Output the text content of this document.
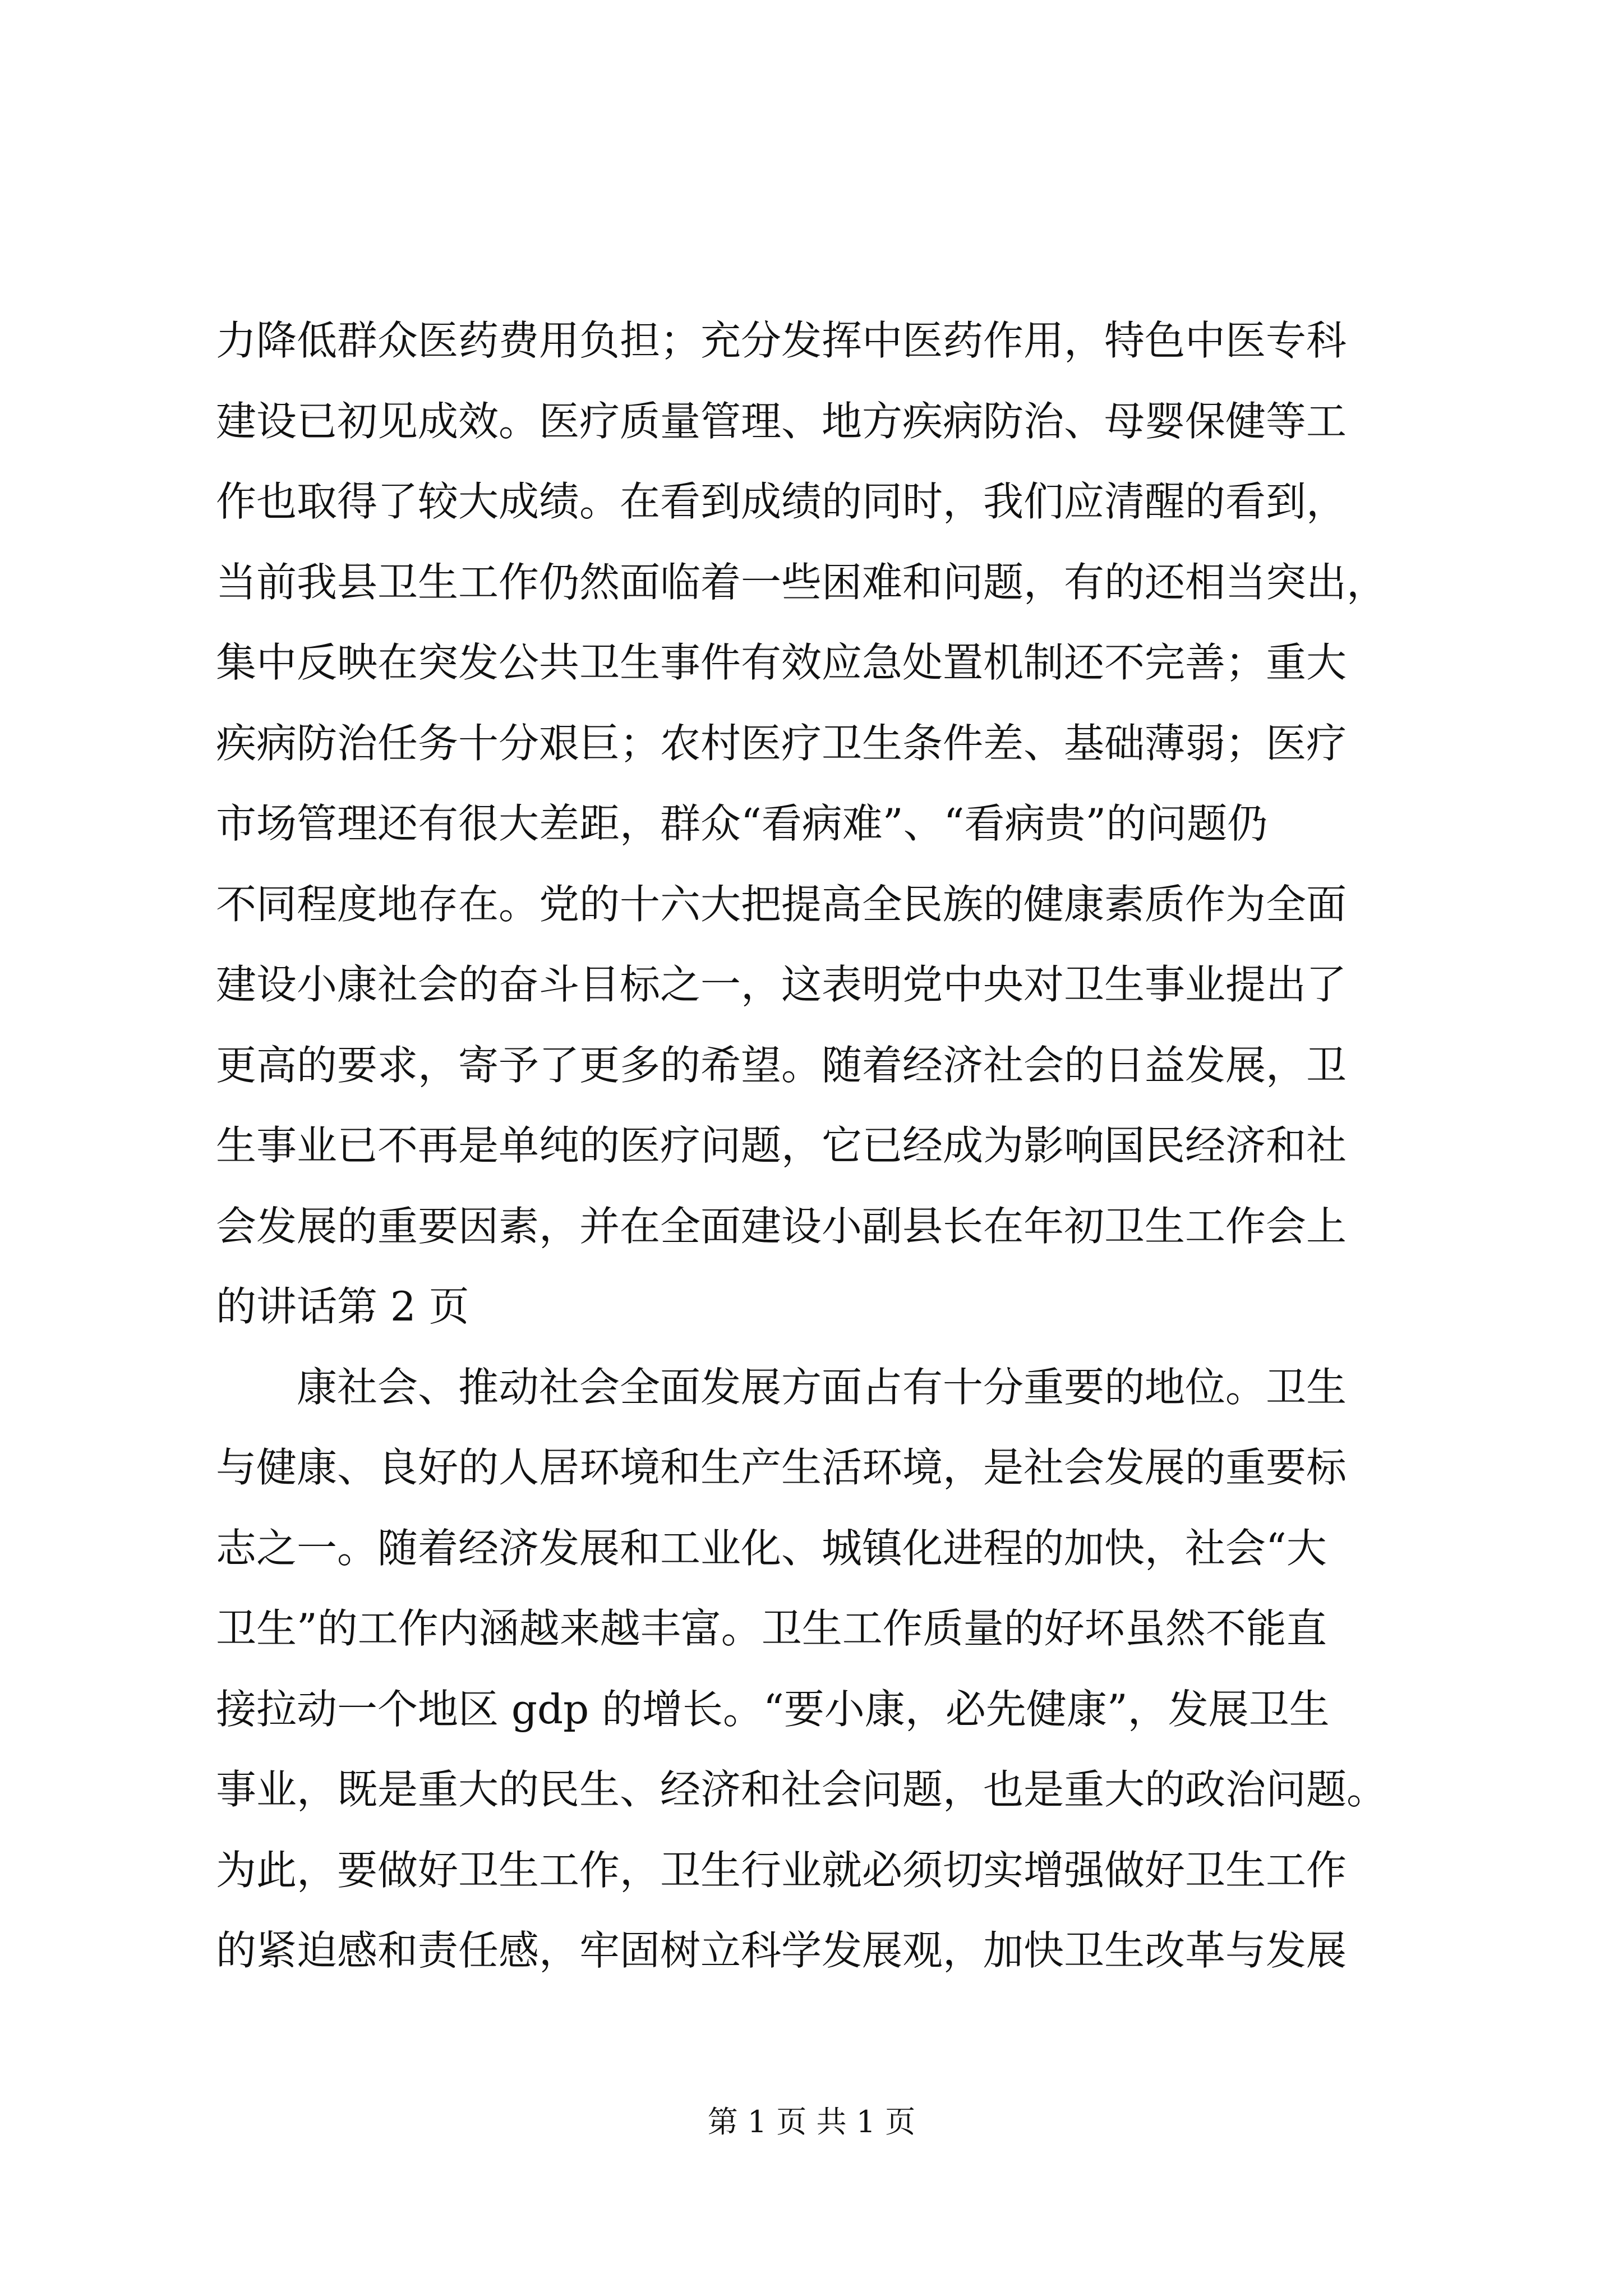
力降低群众医药费用负担；充分发挥中医药作用，特色中医专科
建设已初见成效。医疗质量管理、地方疾病防治、母婴保健等工
作也取得了较大成绩。在看到成绩的同时，我们应清醒的看到，
当前我县卫生工作仍然面临着一些困难和问题，有的还相当突出，
集中反映在突发公共卫生事件有效应急处置机制还不完善；重大
疾病防治任务十分艰巨；农村医疗卫生条件差、基础薄弱；医疗
市场管理还有很大差距，群众“看病难”、“看病贵”的问题仍
不同程度地存在。党的十六大把提高全民族的健康素质作为全面
建设小康社会的奋斗目标之一，这表明党中央对卫生事业提出了
更高的要求，寄予了更多的希望。随着经济社会的日益发展，卫
生事业已不再是单纯的医疗问题，它已经成为影响国民经济和社
会发展的重要因素，并在全面建设小副县长在年初卫生工作会上
的讲话第 2 页
　　康社会、推动社会全面发展方面占有十分重要的地位。卫生
与健康、良好的人居环境和生产生活环境，是社会发展的重要标
志之一。随着经济发展和工业化、城镇化进程的加快，社会“大
卫生”的工作内涵越来越丰富。卫生工作质量的好坏虽然不能直
接拉动一个地区 gdp 的增长。“要小康，必先健康”，发展卫生
事业，既是重大的民生、经济和社会问题，也是重大的政治问题。
为此，要做好卫生工作，卫生行业就必须切实增强做好卫生工作
的紧迫感和责任感，牢固树立科学发展观，加快卫生改革与发展
第 1 页 共 1 页
